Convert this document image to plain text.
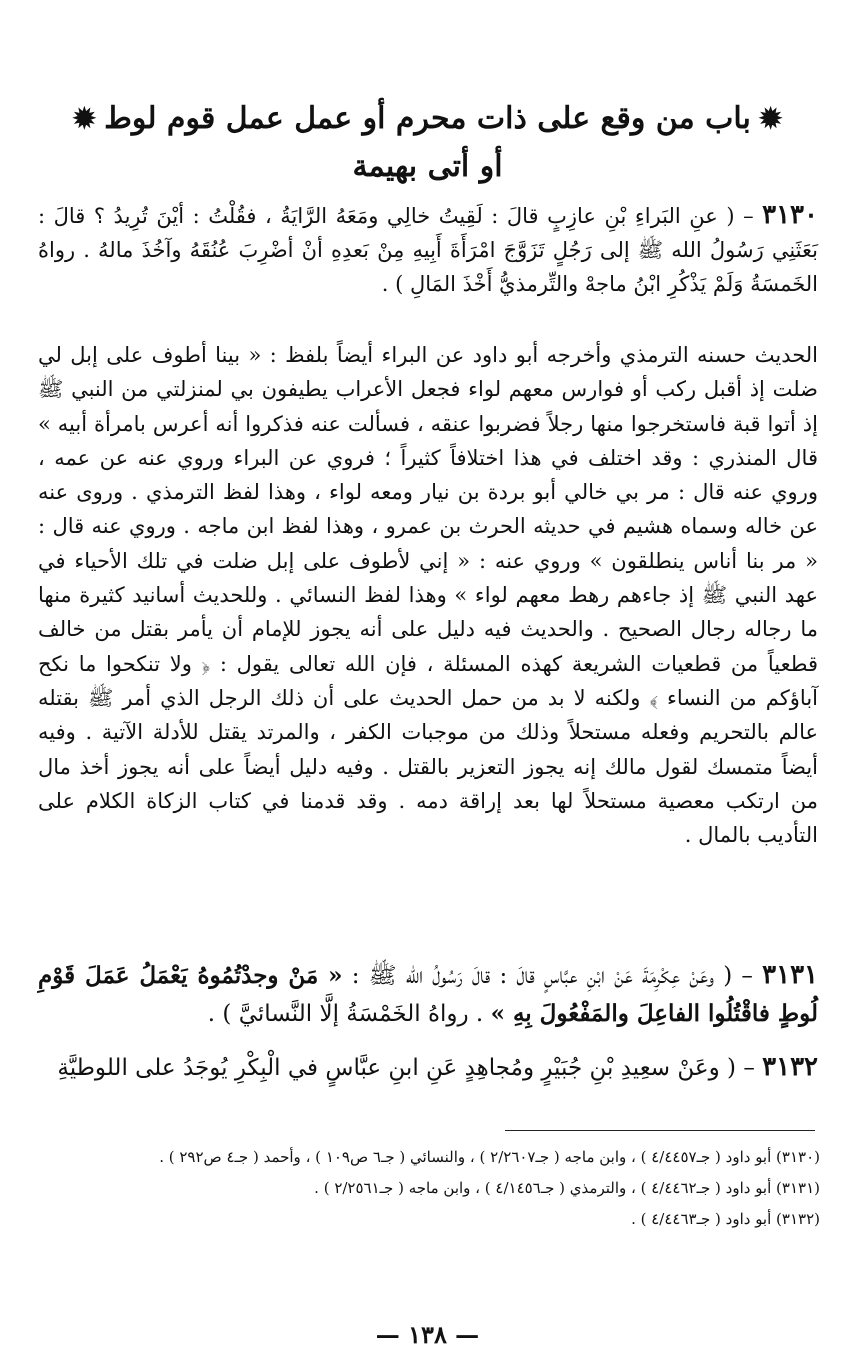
✹باب من وقع على ذات محرم أو عمل عمل قوم لوط✹
أو أتى بهيمة
٣١٣٠ – ( عنِ البَراءِ بْنِ عازِبٍ قالَ : لَقِيتُ خالِي ومَعَهُ الرَّايَةُ ، فقُلْتُ : أيْنَ تُرِيدُ ؟ قالَ : بَعَثَنِي رَسُولُ الله ﷺ إلى رَجُلٍ تَزَوَّجَ امْرَأَةَ أَبِيهِ مِنْ بَعدِهِ أنْ أضْرِبَ عُنُقَهُ وآخُذَ مالهُ . رواهُ الخَمسَةُ وَلَمْ يَذْكُرِ ابْنُ ماجهْ والتِّرمذيُّ أَخْذَ المَالِ ) .
الحديث حسنه الترمذي وأخرجه أبو داود عن البراء أيضاً بلفظ : « بينا أطوف على إبل لي ضلت إذ أقبل ركب أو فوارس معهم لواء فجعل الأعراب يطيفون بي لمنزلتي من النبي ﷺ إذ أتوا قبة فاستخرجوا منها رجلاً فضربوا عنقه ، فسألت عنه فذكروا أنه أعرس بامرأة أبيه » قال المنذري : وقد اختلف في هذا اختلافاً كثيراً ؛ فروي عن البراء وروي عنه عن عمه ، وروي عنه قال : مر بي خالي أبو بردة بن نيار ومعه لواء ، وهذا لفظ الترمذي . وروى عنه عن خاله وسماه هشيم في حديثه الحرث بن عمرو ، وهذا لفظ ابن ماجه . وروي عنه قال : « مر بنا أناس ينطلقون » وروي عنه : « إني لأطوف على إبل ضلت في تلك الأحياء في عهد النبي ﷺ إذ جاءهم رهط معهم لواء » وهذا لفظ النسائي . وللحديث أسانيد كثيرة منها ما رجاله رجال الصحيح . والحديث فيه دليل على أنه يجوز للإمام أن يأمر بقتل من خالف قطعياً من قطعيات الشريعة كهذه المسئلة ، فإن الله تعالى يقول : ﴿ ولا تنكحوا ما نكح آباؤكم من النساء ﴾ ولكنه لا بد من حمل الحديث على أن ذلك الرجل الذي أمر ﷺ بقتله عالم بالتحريم وفعله مستحلاً وذلك من موجبات الكفر ، والمرتد يقتل للأدلة الآتية . وفيه أيضاً متمسك لقول مالك إنه يجوز التعزير بالقتل . وفيه دليل أيضاً على أنه يجوز أخذ مال من ارتكب معصية مستحلاً لها بعد إراقة دمه . وقد قدمنا في كتاب الزكاة الكلام على التأديب بالمال .
٣١٣١ – ( وعَنْ عِكْرِمَةَ عَنْ ابْنِ عبَّاسٍ قالَ : قالَ رَسُولُ الله ﷺ : « مَنْ وجدْتُمُوهُ يَعْمَلُ عَمَلَ قَوْمِ لُوطٍ فاقْتُلُوا الفاعِلَ والمَفْعُولَ بِهِ » . رواهُ الخَمْسَةُ إلَّا النَّسائيَّ ) .
٣١٣٢ – ( وعَنْ سعِيدِ بْنِ جُبَيْرٍ ومُجاهِدٍ عَنِ ابنِ عبَّاسٍ في الْبِكْرِ يُوجَدُ على اللوطيَّةِ
(٣١٣٠) أبو داود ( جـ٤/٤٤٥٧ ) ، وابن ماجه ( جـ٢/٢٦٠٧ ) ، والنسائي ( جـ٦ ص١٠٩ ) ، وأحمد ( جـ٤ ص٢٩٢ ) .
(٣١٣١) أبو داود ( جـ٤/٤٤٦٢ ) ، والترمذي ( جـ٤/١٤٥٦ ) ، وابن ماجه ( جـ٢/٢٥٦١ ) .
(٣١٣٢) أبو داود ( جـ٤/٤٤٦٣ ) .
— ١٣٨ —
